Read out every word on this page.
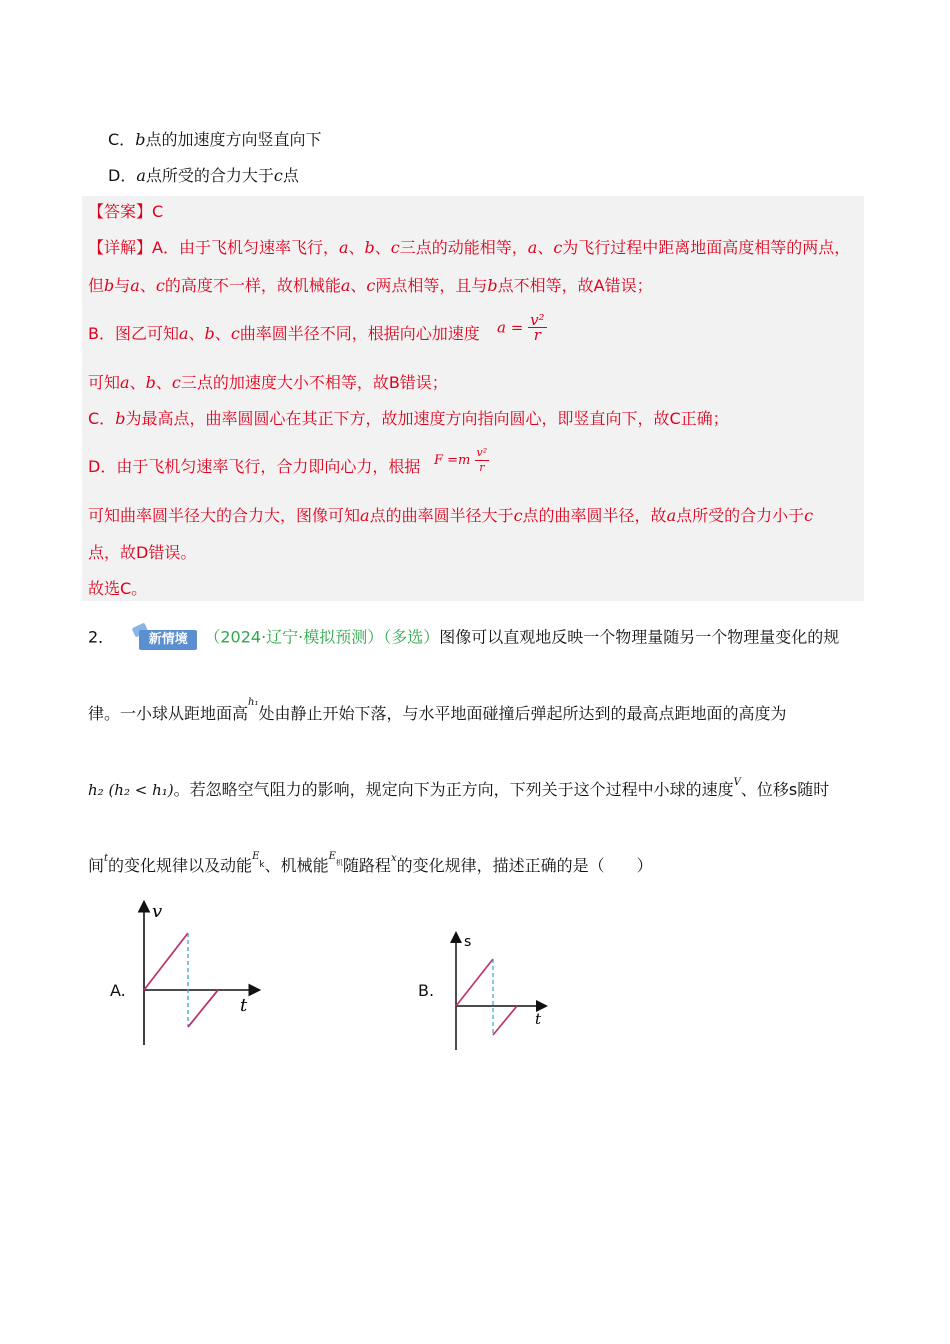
C．b点的加速度方向竖直向下
D．a点所受的合力大于c点
【答案】C
【详解】A．由于飞机匀速率飞行，a、b、c三点的动能相等，a、c为飞行过程中距离地面高度相等的两点，
但b与a、c的高度不一样，故机械能a、c两点相等，且与b点不相等，故A错误；
B．图乙可知a、b、c曲率圆半径不同，根据向心加速度 $a = \frac{\text{v²}}{r}$
可知a、b、c三点的加速度大小不相等，故B错误；
C．b为最高点，曲率圆圆心在其正下方，故加速度方向指向圆心，即竖直向下，故C正确；
D．由于飞机匀速率飞行，合力即向心力，根据 $F =m \frac{\text{v²}}{r}$
可知曲率圆半径大的合力大，图像可知a点的曲率圆半径大于c点的曲率圆半径，故a点所受的合力小于c
点，故D错误。
故选C。
2．	新情境	（2024·辽宁·模拟预测）（多选）图像可以直观地反映一个物理量随另一个物理量变化的规
律。一小球从距地面高$^{h_1}$处由静止开始下落，与水平地面碰撞后弹起所达到的最高点距地面的高度为
h₂ (h₂ < h₁)。若忽略空气阻力的影响，规定向下为正方向，下列关于这个过程中小球的速度$^V$、位移s随时
间$^t$的变化规律以及动能$^{Ek}$、机械能$^{E机}$随路程$^x$的变化规律，描述正确的是（　　）
A.
v
t
B.
s
t
